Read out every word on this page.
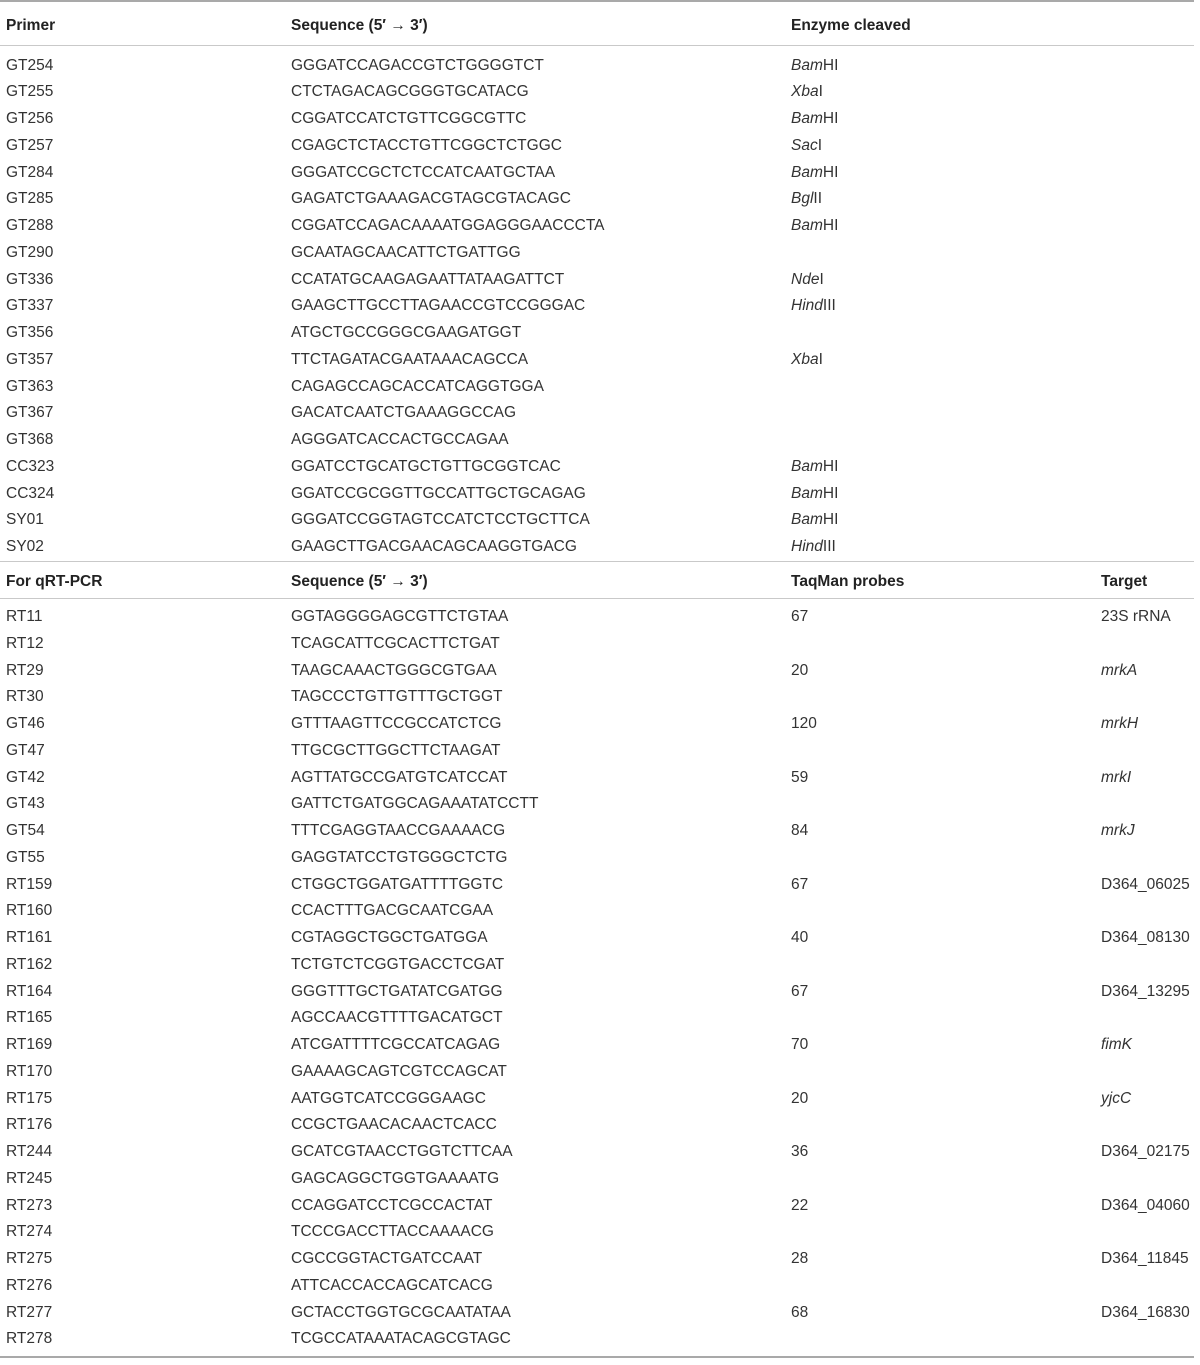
Primer	Sequence (5′ → 3′)	Enzyme cleaved
GT254	GGGATCCAGACCGTCTGGGGTCT	BamHI
GT255	CTCTAGACAGCGGGTGCATACG	XbaI
GT256	CGGATCCATCTGTTCGGCGTTC	BamHI
GT257	CGAGCTCTACCTGTTCGGCTCTGGC	SacI
GT284	GGGATCCGCTCTCCATCAATGCTAA	BamHI
GT285	GAGATCTGAAAGACGTAGCGTACAGC	BglII
GT288	CGGATCCAGACAAAATGGAGGGAACCCTA	BamHI
GT290	GCAATAGCAACATTCTGATTGG
GT336	CCATATGCAAGAGAATTATAAGATTCT	NdeI
GT337	GAAGCTTGCCTTAGAACCGTCCGGGAC	HindIII
GT356	ATGCTGCCGGGCGAAGATGGT
GT357	TTCTAGATACGAATAAACAGCCA	XbaI
GT363	CAGAGCCAGCACCATCAGGTGGA
GT367	GACATCAATCTGAAAGGCCAG
GT368	AGGGATCACCACTGCCAGAA
CC323	GGATCCTGCATGCTGTTGCGGTCAC	BamHI
CC324	GGATCCGCGGTTGCCATTGCTGCAGAG	BamHI
SY01	GGGATCCGGTAGTCCATCTCCTGCTTCA	BamHI
SY02	GAAGCTTGACGAACAGCAAGGTGACG	HindIII
For qRT-PCR	Sequence (5′ → 3′)	TaqMan probes	Target
RT11	GGTAGGGGAGCGTTCTGTAA	67	23S rRNA
RT12	TCAGCATTCGCACTTCTGAT
RT29	TAAGCAAACTGGGCGTGAA	20	mrkA
RT30	TAGCCCTGTTGTTTGCTGGT
GT46	GTTTAAGTTCCGCCATCTCG	120	mrkH
GT47	TTGCGCTTGGCTTCTAAGAT
GT42	AGTTATGCCGATGTCATCCAT	59	mrkI
GT43	GATTCTGATGGCAGAAATATCCTT
GT54	TTTCGAGGTAACCGAAAACG	84	mrkJ
GT55	GAGGTATCCTGTGGGCTCTG
RT159	CTGGCTGGATGATTTTGGTC	67	D364_06025
RT160	CCACTTTGACGCAATCGAA
RT161	CGTAGGCTGGCTGATGGA	40	D364_08130
RT162	TCTGTCTCGGTGACCTCGAT
RT164	GGGTTTGCTGATATCGATGG	67	D364_13295
RT165	AGCCAACGTTTTGACATGCT
RT169	ATCGATTTTCGCCATCAGAG	70	fimK
RT170	GAAAAGCAGTCGTCCAGCAT
RT175	AATGGTCATCCGGGAAGC	20	yjcC
RT176	CCGCTGAACACAACTCACC
RT244	GCATCGTAACCTGGTCTTCAA	36	D364_02175
RT245	GAGCAGGCTGGTGAAAATG
RT273	CCAGGATCCTCGCCACTAT	22	D364_04060
RT274	TCCCGACCTTACCAAAACG
RT275	CGCCGGTACTGATCCAAT	28	D364_11845
RT276	ATTCACCACCAGCATCACG
RT277	GCTACCTGGTGCGCAATATAA	68	D364_16830
RT278	TCGCCATAAATACAGCGTAGC
